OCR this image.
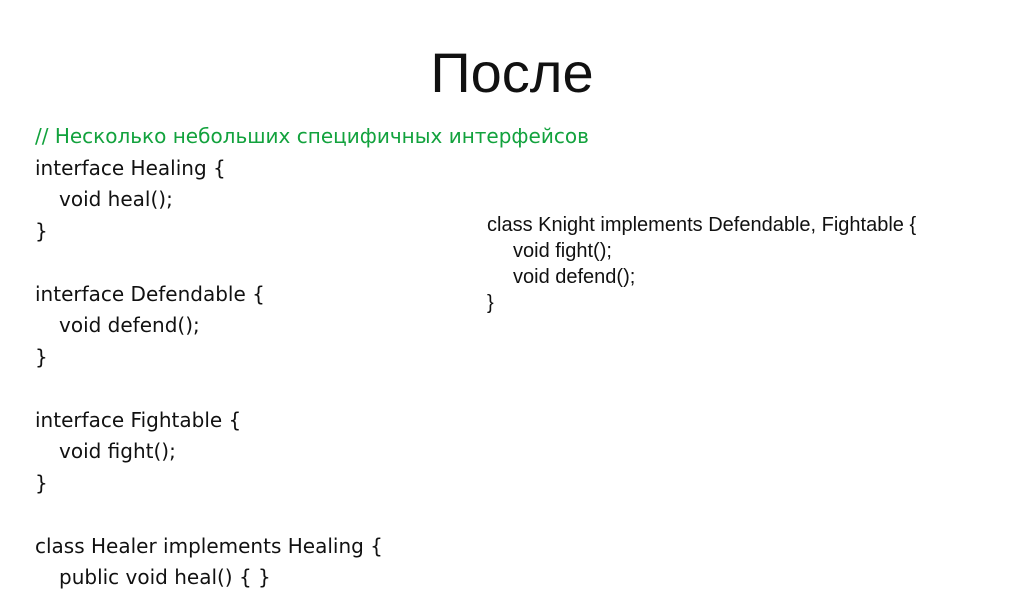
После
// Несколько небольших специфичных интерфейсов
interface Healing {
void heal();
}
interface Defendable {
void defend();
}
interface Fightable {
void fight();
}
class Healer implements Healing {
public void heal() { }
class Knight implements Defendable, Fightable {
void fight();
void defend();
}
